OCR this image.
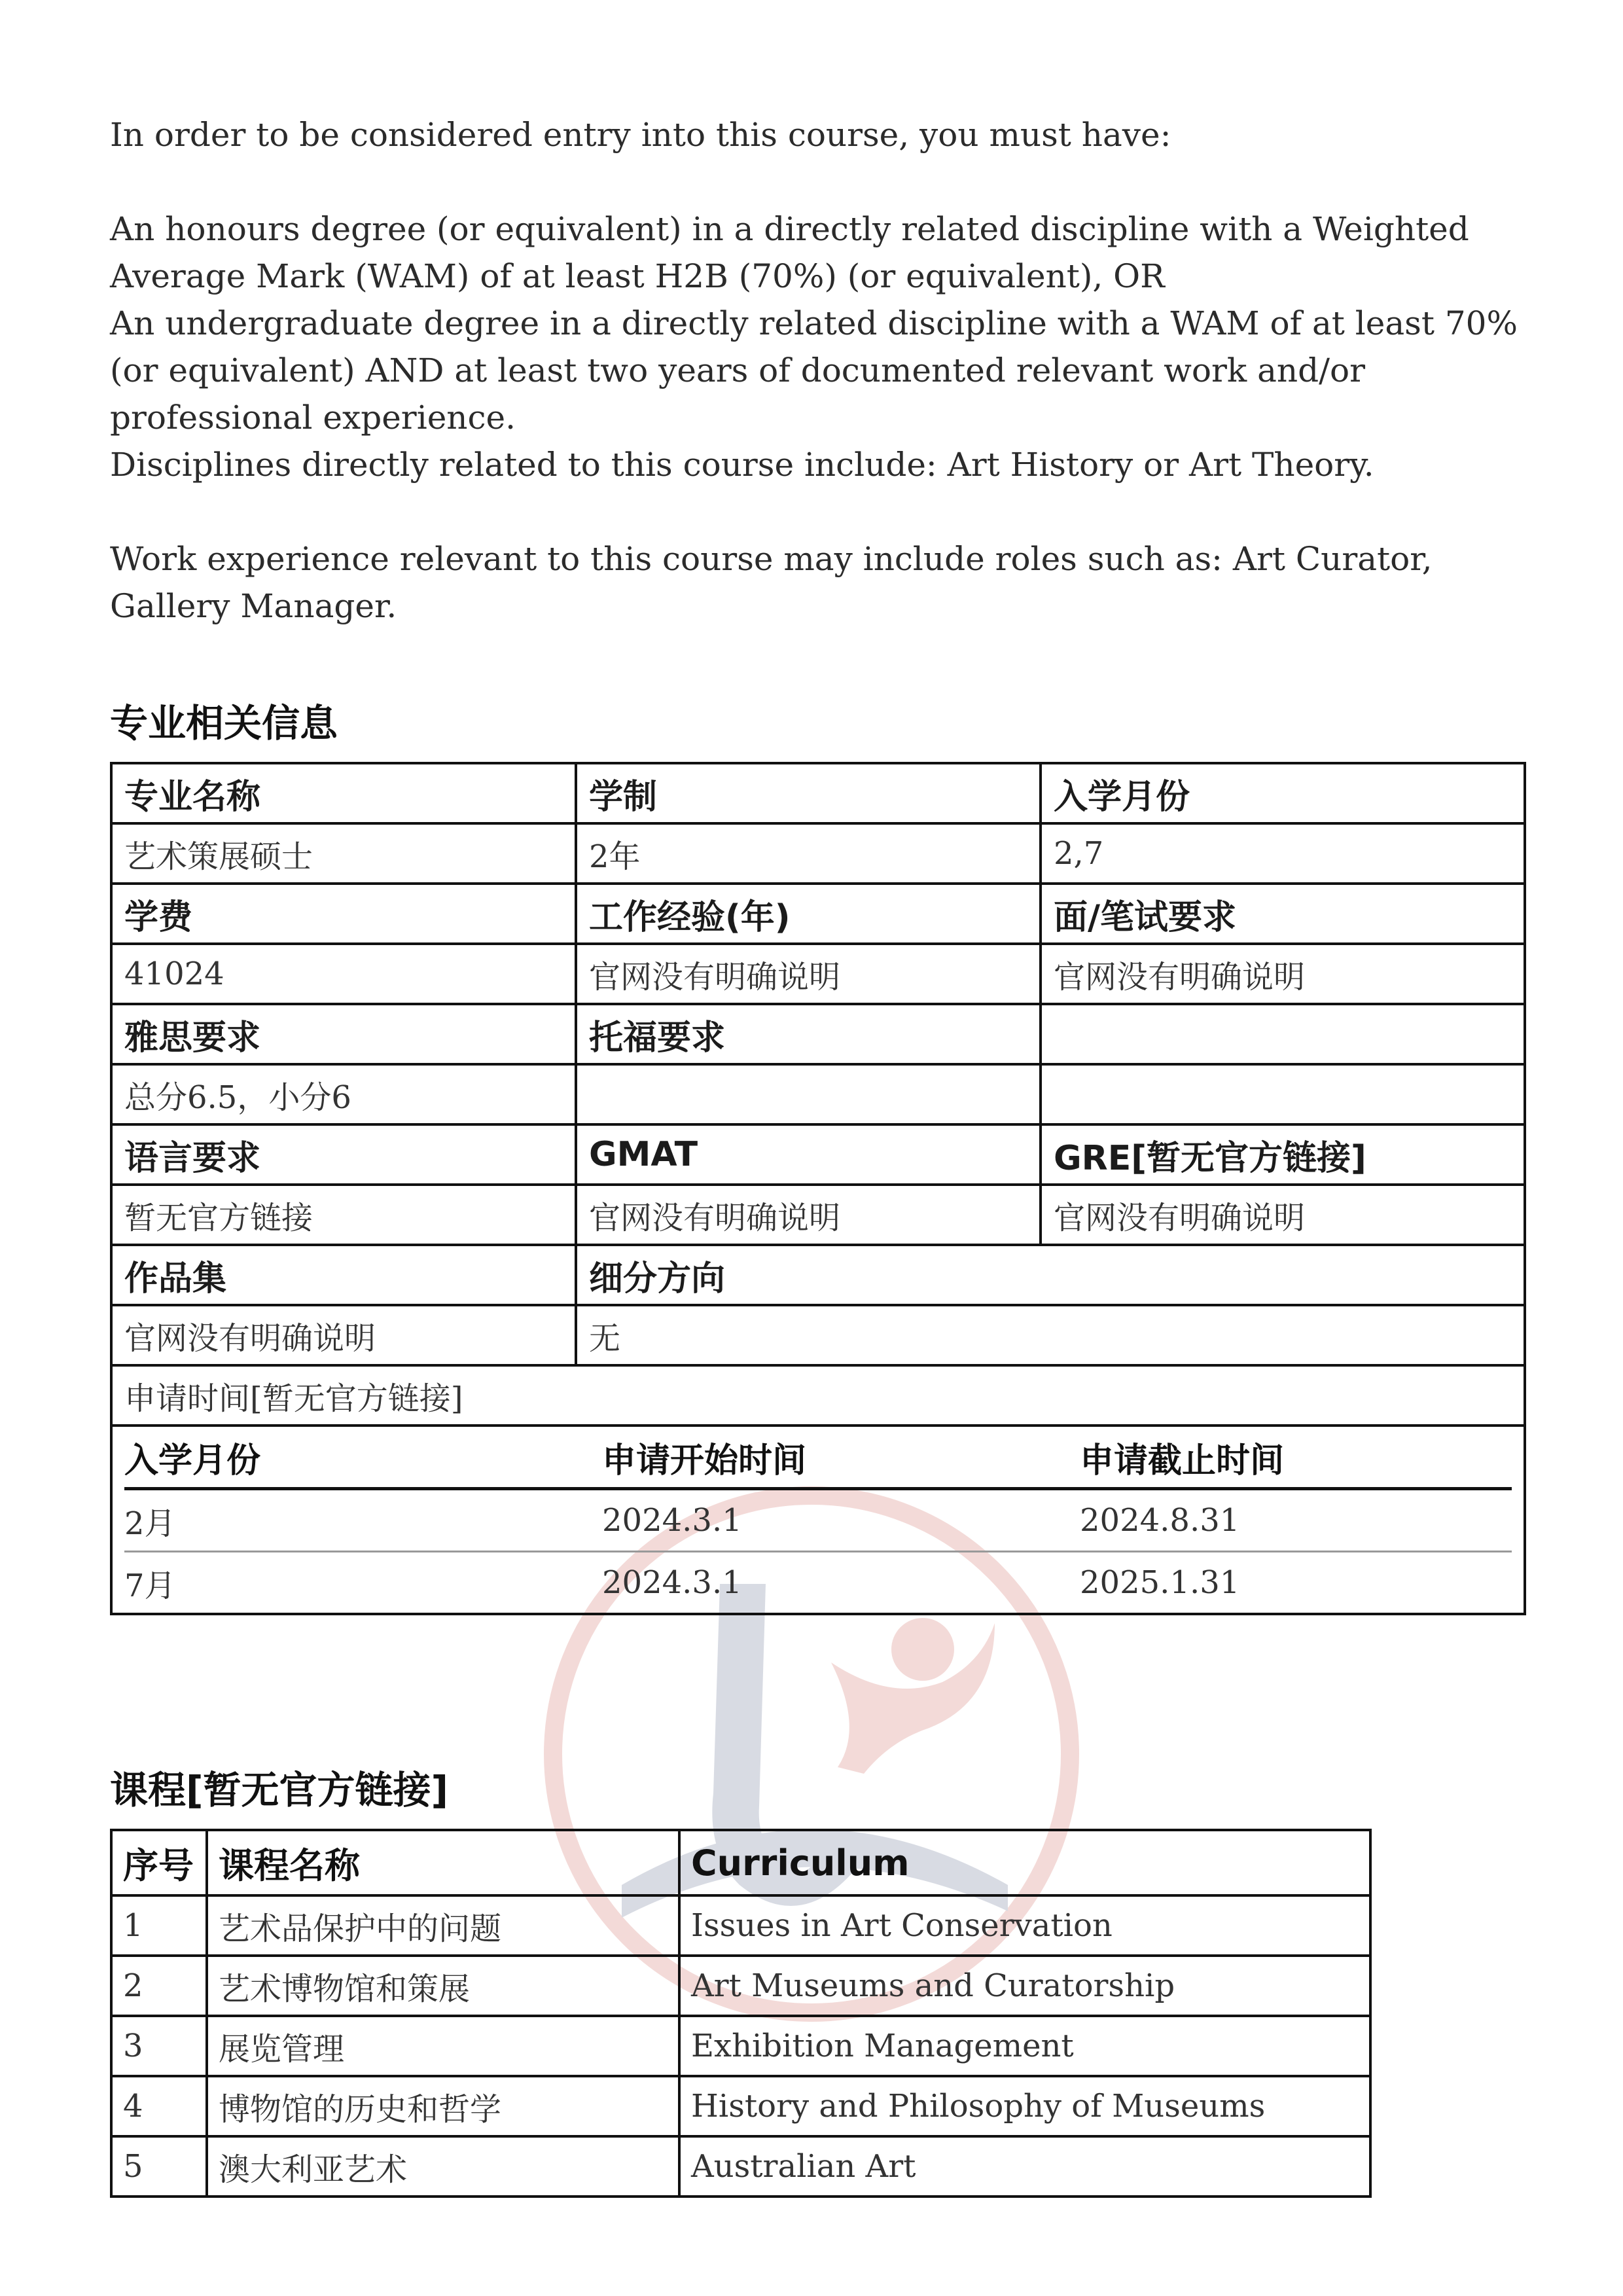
In order to be considered entry into this course, you must have:

An honours degree (or equivalent) in a directly related discipline with a Weighted Average Mark (WAM) of at least H2B (70%) (or equivalent), OR

An undergraduate degree in a directly related discipline with a WAM of at least 70% (or equivalent) AND at least two years of documented relevant work and/or professional experience.

Disciplines directly related to this course include: Art History or Art Theory.

Work experience relevant to this course may include roles such as: Art Curator, Gallery Manager.

专业相关信息
专业名称	学制	入学月份
艺术策展硕士	2年	2,7
学费	工作经验(年)	面/笔试要求
41024	官网没有明确说明	官网没有明确说明
雅思要求	托福要求	
总分6.5，小分6		
语言要求	GMAT	GRE[暂无官方链接]
暂无官方链接	官网没有明确说明	官网没有明确说明
作品集	细分方向
官网没有明确说明	无
申请时间[暂无官方链接]

入学月份	申请开始时间	申请截止时间
2月	2024.3.1	2024.8.31
7月	2024.3.1	2025.1.31
课程[暂无官方链接]
序号	课程名称	Curriculum
1	艺术品保护中的问题	Issues in Art Conservation
2	艺术博物馆和策展	Art Museums and Curatorship
3	展览管理	Exhibition Management
4	博物馆的历史和哲学	History and Philosophy of Museums
5	澳大利亚艺术	Australian Art
